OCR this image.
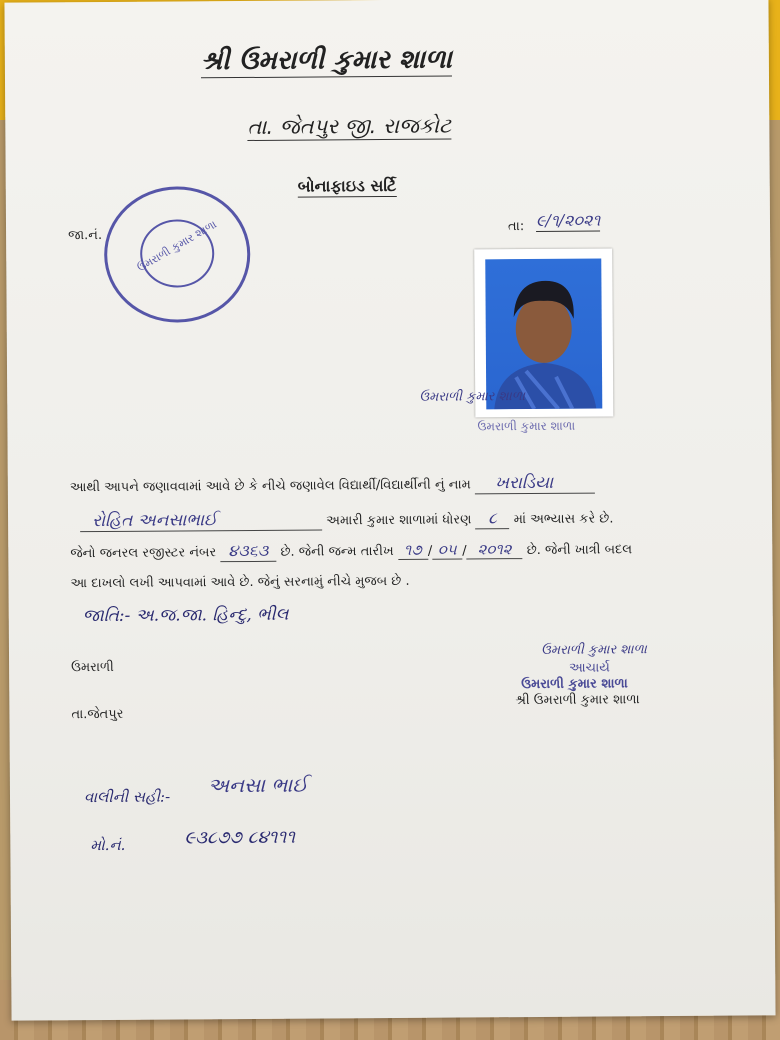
શ્રી ઉમરાળી કુમાર શાળા
તા. જેતપુર જી. રાજકોટ
બોનાફાઇડ સર્ટિ
જા.નં.	ઉમરાળી કુમાર શાળા	તા: ૯/૧/૨૦૨૧
ઉમરાળી કુમાર શાળા
ઉમરાળી કુમાર શાળા
આથી આપને જણાવવામાં આવે છે કે નીચે જણાવેલ વિદ્યાર્થી/વિદ્યાર્થીની નું નામ ખરાડિયા
રોહિત અનસાભાઈ	અમારી કુમાર શાળામાં ધોરણ ૮ માં અભ્યાસ કરે છે.
જેનો જનરલ રજીસ્ટર નંબર ૪૩૬૩ છે. જેની જન્મ તારીખ ૧૭ / ૦૫ / ૨૦૧૨ છે. જેની ખાત્રી બદલ
આ દાખલો લખી આપવામાં આવે છે. જેનું સરનામું નીચે મુજબ છે .
જાતિ:- અ.જ.જા. હિન્દુ, ભીલ
ઉમરાળી
તા.જેતપુર
ઉમરાળી કુમાર શાળા
આચાર્ય
ઉમરાળી કુમાર શાળા
શ્રી ઉમરાળી કુમાર શાળા
વાલીની સહી:- અનસા ભાઈ
મો.નં.	૯૩૮૭૭ ૮૪૧૧૧
